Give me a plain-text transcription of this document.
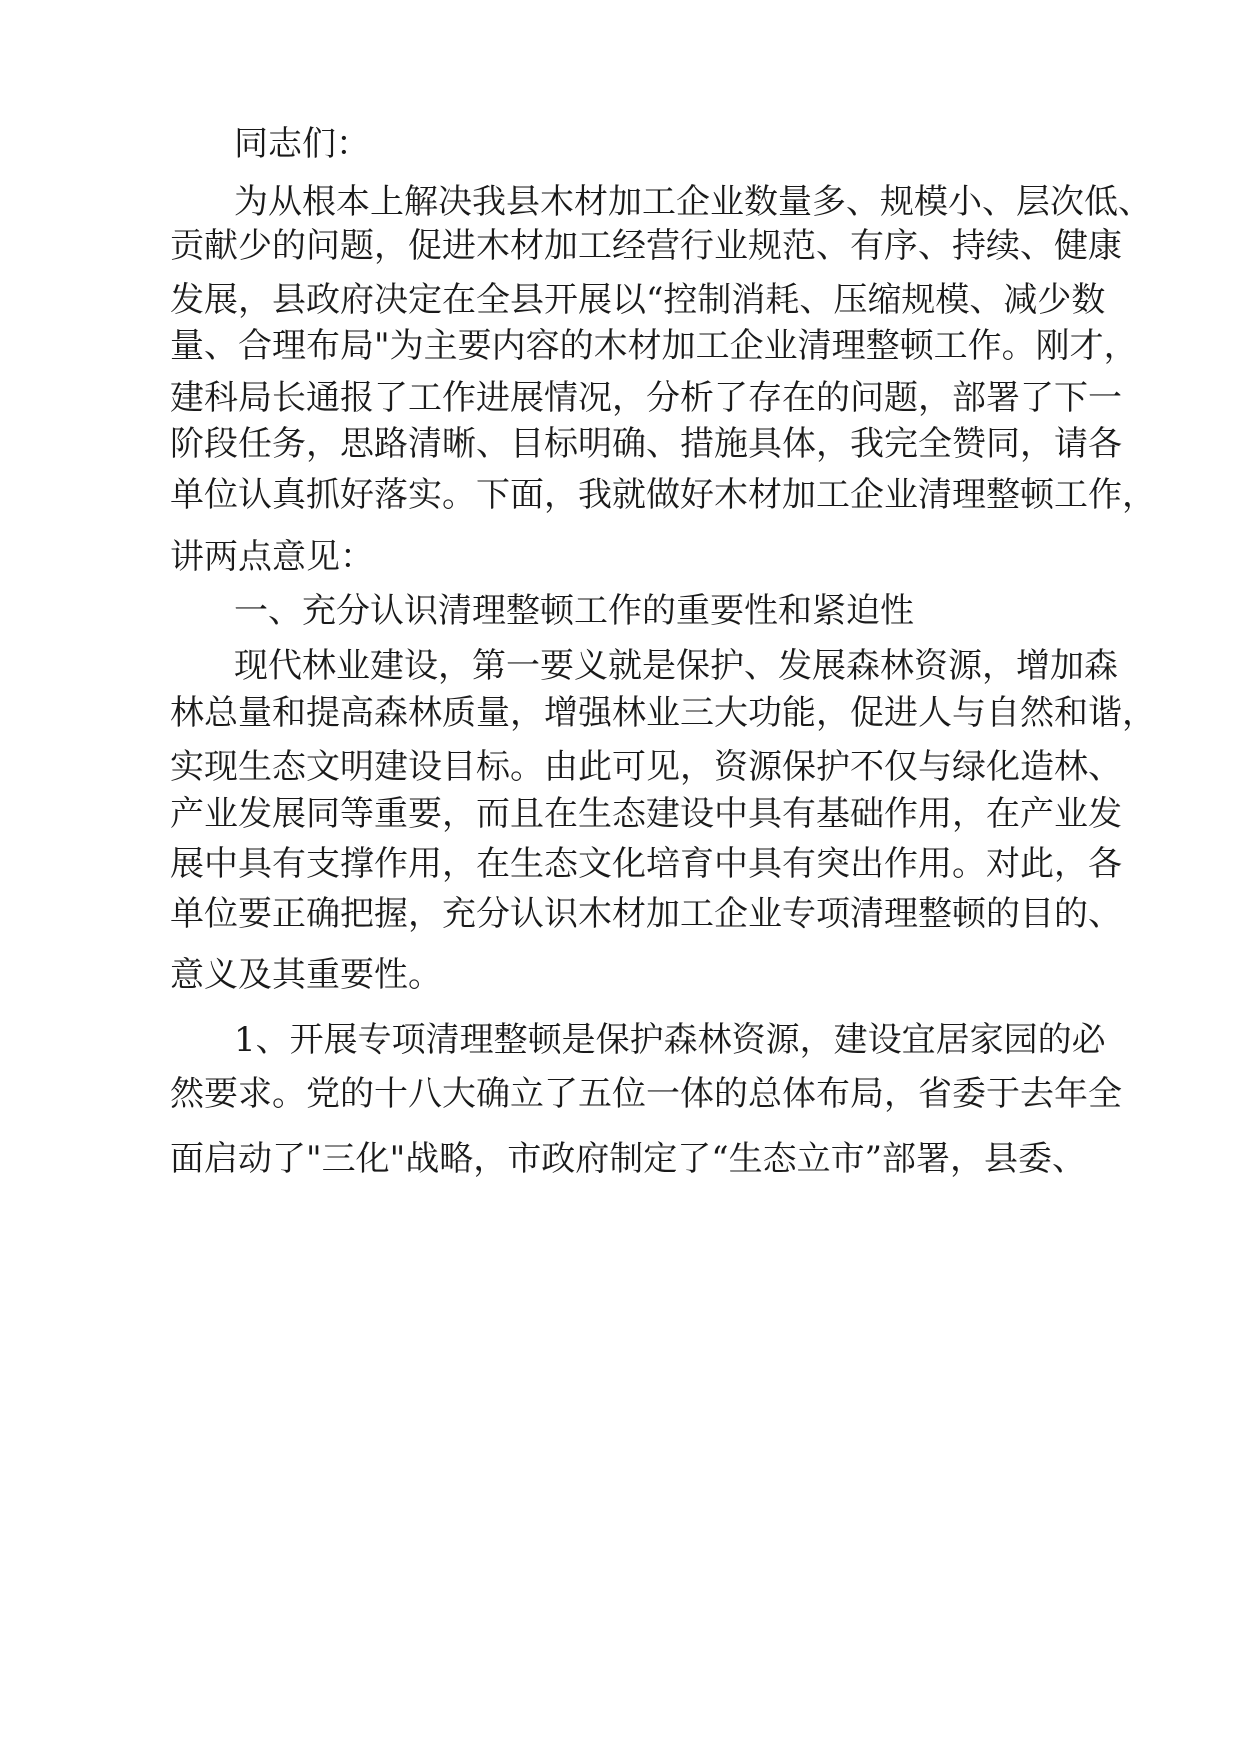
同志们：
为从根本上解决我县木材加工企业数量多、规模小、层次低、
贡献少的问题，促进木材加工经营行业规范、有序、持续、健康
发展，县政府决定在全县开展以“控制消耗、压缩规模、减少数
量、合理布局"为主要内容的木材加工企业清理整顿工作。刚才，
建科局长通报了工作进展情况，分析了存在的问题，部署了下一
阶段任务，思路清晰、目标明确、措施具体，我完全赞同，请各
单位认真抓好落实。下面，我就做好木材加工企业清理整顿工作，
讲两点意见：
一、充分认识清理整顿工作的重要性和紧迫性
现代林业建设，第一要义就是保护、发展森林资源，增加森
林总量和提高森林质量，增强林业三大功能，促进人与自然和谐，
实现生态文明建设目标。由此可见，资源保护不仅与绿化造林、
产业发展同等重要，而且在生态建设中具有基础作用，在产业发
展中具有支撑作用，在生态文化培育中具有突出作用。对此，各
单位要正确把握，充分认识木材加工企业专项清理整顿的目的、
意义及其重要性。
1、开展专项清理整顿是保护森林资源，建设宜居家园的必
然要求。党的十八大确立了五位一体的总体布局，省委于去年全
面启动了"三化"战略，市政府制定了“生态立市”部署，县委、
